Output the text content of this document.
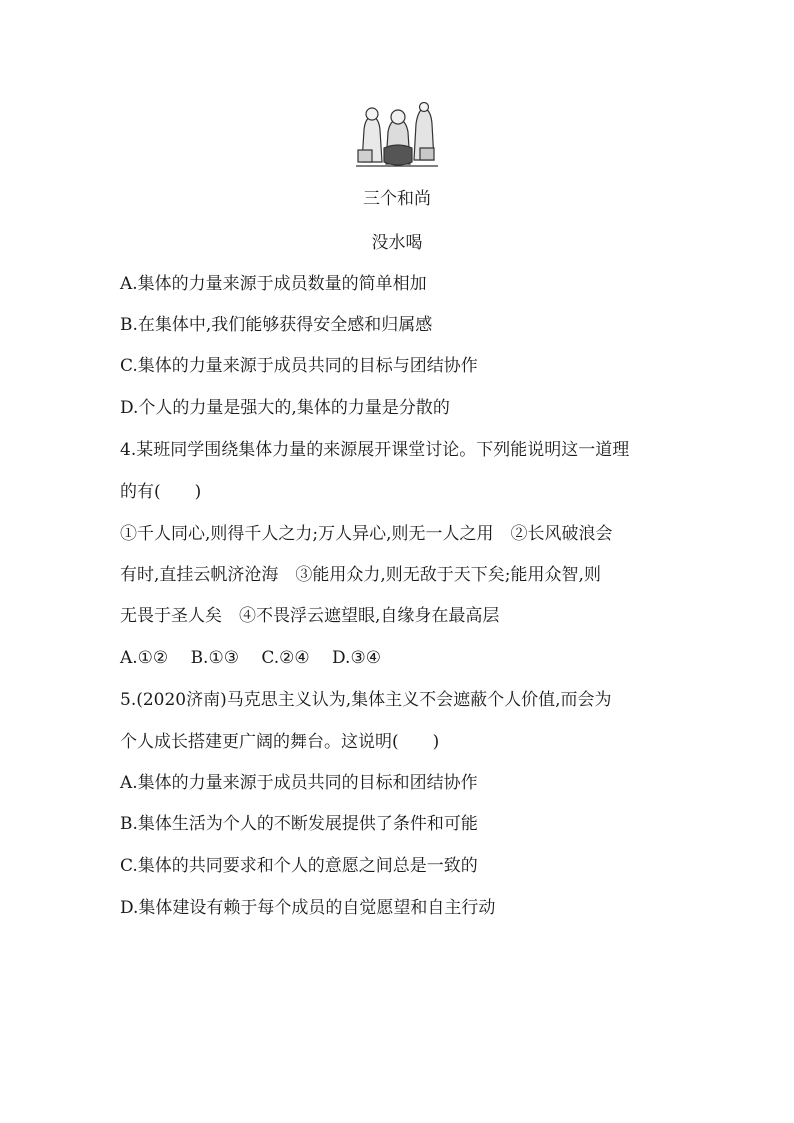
三个和尚
没水喝
A.集体的力量来源于成员数量的简单相加
B.在集体中,我们能够获得安全感和归属感
C.集体的力量来源于成员共同的目标与团结协作
D.个人的力量是强大的,集体的力量是分散的
4.某班同学围绕集体力量的来源展开课堂讨论。下列能说明这一道理
的有(　　)
①千人同心,则得千人之力;万人异心,则无一人之用　②长风破浪会
有时,直挂云帆济沧海　③能用众力,则无敌于天下矣;能用众智,则
无畏于圣人矣　④不畏浮云遮望眼,自缘身在最高层
A.①②　 B.①③　 C.②④　 D.③④
5.(2020济南)马克思主义认为,集体主义不会遮蔽个人价值,而会为
个人成长搭建更广阔的舞台。这说明(　　)
A.集体的力量来源于成员共同的目标和团结协作
B.集体生活为个人的不断发展提供了条件和可能
C.集体的共同要求和个人的意愿之间总是一致的
D.集体建设有赖于每个成员的自觉愿望和自主行动
